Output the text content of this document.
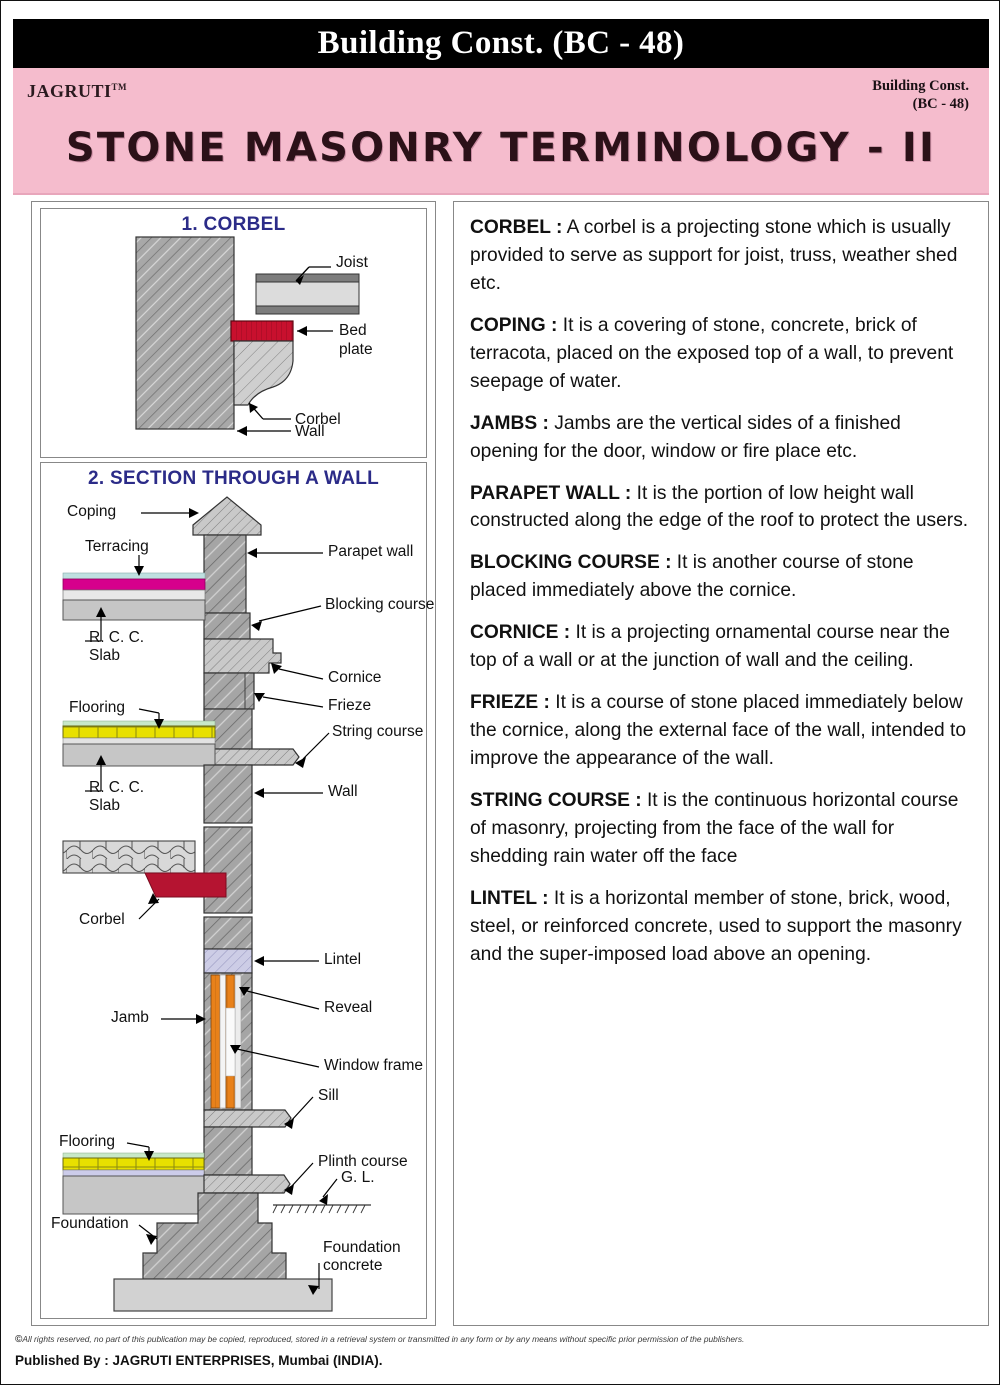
Building Const. (BC - 48)
JAGRUTI™	Building Const.
(BC - 48)
STONE MASONRY TERMINOLOGY - II
1. CORBEL
Joist
Bed
plate
Corbel
Wall
2. SECTION THROUGH A WALL
Coping
Terracing	Parapet wall
Blocking course
R. C. C.
Slab
Cornice
Frieze
Flooring
String course
R. C. C.
Slab
Wall
Corbel
Lintel
Reveal
Jamb
Window frame
Sill
Flooring
Plinth course
G. L.
Foundation
Foundation
concrete

CORBEL : A corbel is a projecting stone which is usually provided to serve as support for joist, truss, weather shed etc.

COPING : It is a covering of stone, concrete, brick of terracota, placed on the exposed top of a wall, to prevent seepage of water.

JAMBS : Jambs are the vertical sides of a finished opening for the door, window or fire place etc.

PARAPET WALL : It is the portion of low height wall constructed along the edge of the roof to protect the users.

BLOCKING COURSE : It is another course of stone placed immediately above the cornice.

CORNICE : It is a projecting ornamental course near the top of a wall or at the junction of wall and the ceiling.

FRIEZE : It is a course of stone placed immediately below the cornice, along the external face of the wall, intended to improve the appearance of the wall.

STRING COURSE : It is the continuous horizontal course of masonry, projecting from the face of the wall for shedding rain water off the face

LINTEL : It is a horizontal member of stone, brick, wood, steel, or reinforced concrete, used to support the masonry and the super-imposed load above an opening.

©All rights reserved, no part of this publication may be copied, reproduced, stored in a retrieval system or transmitted in any form or by any means without specific prior permission of the publishers.
Published By : JAGRUTI ENTERPRISES, Mumbai (INDIA).
